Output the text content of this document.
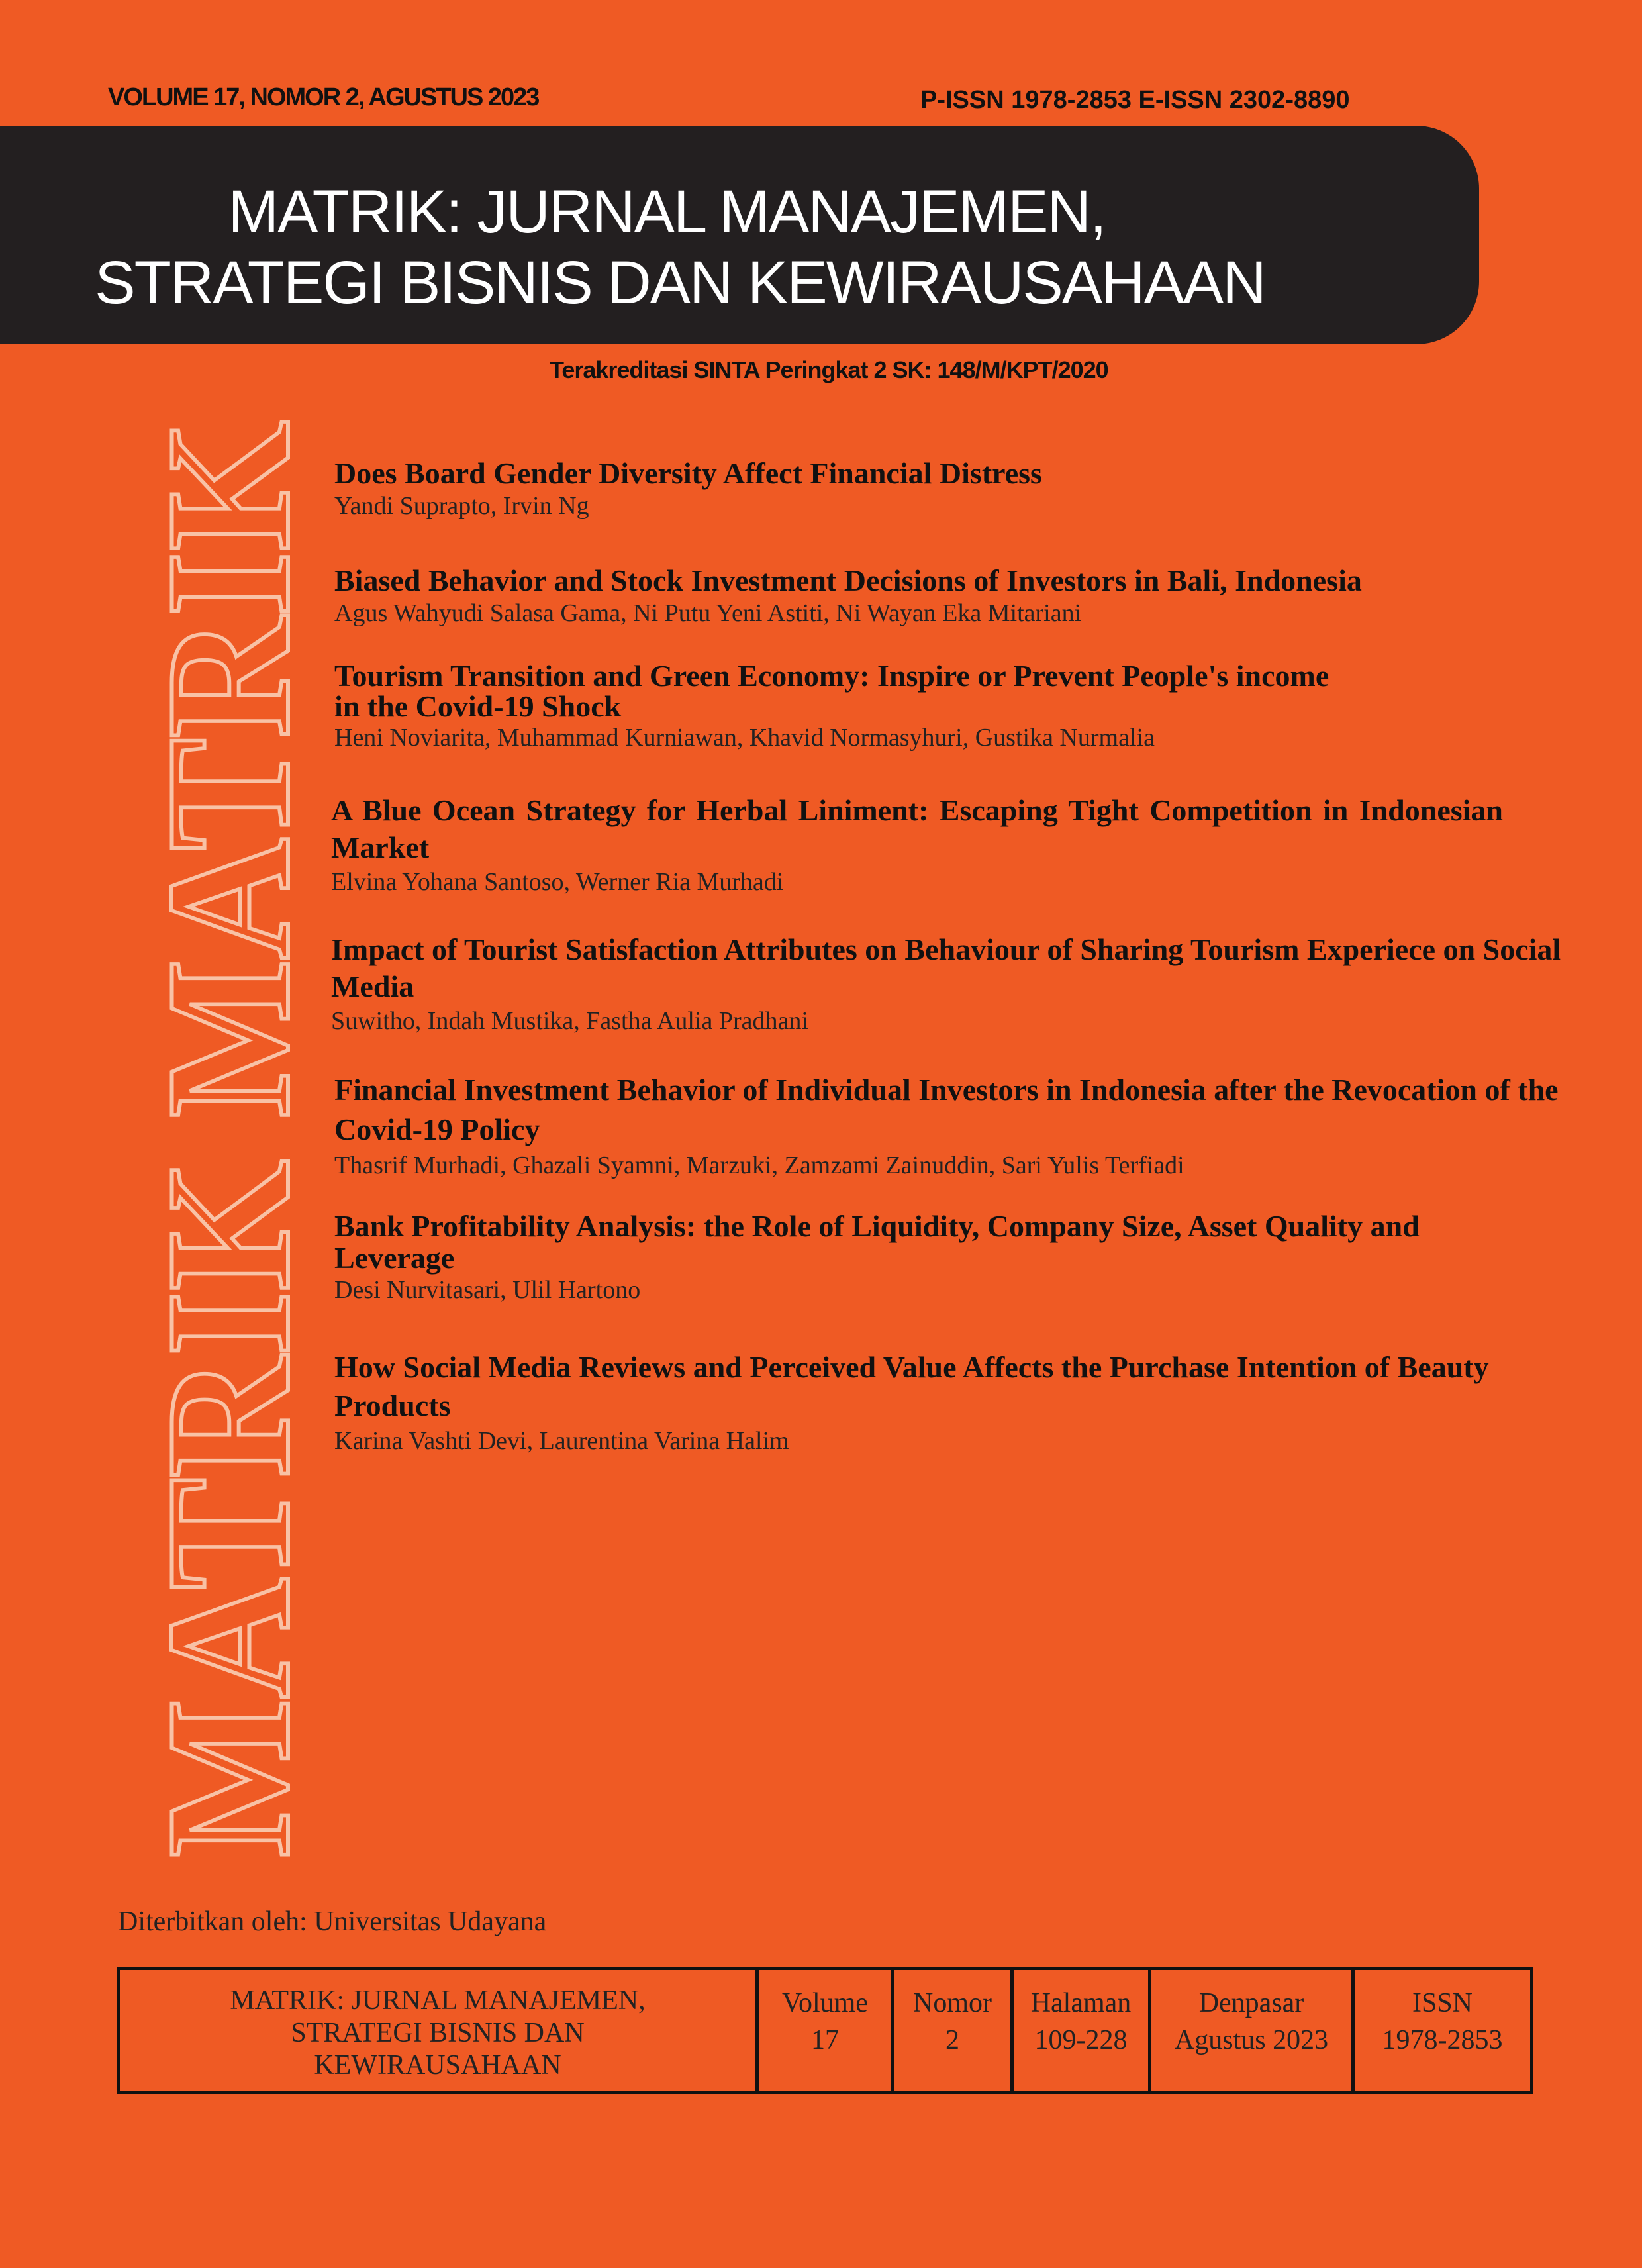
VOLUME 17, NOMOR 2, AGUSTUS 2023	P-ISSN 1978-2853 E-ISSN 2302-8890
MATRIK: JURNAL MANAJEMEN,
STRATEGI BISNIS DAN KEWIRAUSAHAAN
Terakreditasi SINTA Peringkat 2 SK: 148/M/KPT/2020
MATRIK MATRIK Does Board Gender Diversity Affect Financial Distress
Yandi Suprapto, Irvin Ng
Biased Behavior and Stock Investment Decisions of Investors in Bali, Indonesia
Agus Wahyudi Salasa Gama, Ni Putu Yeni Astiti, Ni Wayan Eka Mitariani
Tourism Transition and Green Economy: Inspire or Prevent People's income in the Covid-19 Shock
Heni Noviarita, Muhammad Kurniawan, Khavid Normasyhuri, Gustika Nurmalia
A Blue Ocean Strategy for Herbal Liniment: Escaping Tight Competition in Indonesian Market
Elvina Yohana Santoso, Werner Ria Murhadi
Impact of Tourist Satisfaction Attributes on Behaviour of Sharing Tourism Experiece on Social Media
Suwitho, Indah Mustika, Fastha Aulia Pradhani
Financial Investment Behavior of Individual Investors in Indonesia after the Revocation of the Covid-19 Policy
Thasrif Murhadi, Ghazali Syamni, Marzuki, Zamzami Zainuddin, Sari Yulis Terfiadi
Bank Profitability Analysis: the Role of Liquidity, Company Size, Asset Quality and Leverage
Desi Nurvitasari, Ulil Hartono
How Social Media Reviews and Perceived Value Affects the Purchase Intention of Beauty Products
Karina Vashti Devi, Laurentina Varina Halim
Diterbitkan oleh: Universitas Udayana
MATRIK: JURNAL MANAJEMEN, STRATEGI BISNIS DAN KEWIRAUSAHAAN
Volume
17
Nomor
2
Halaman
109-228
Denpasar
Agustus 2023
ISSN
1978-2853
